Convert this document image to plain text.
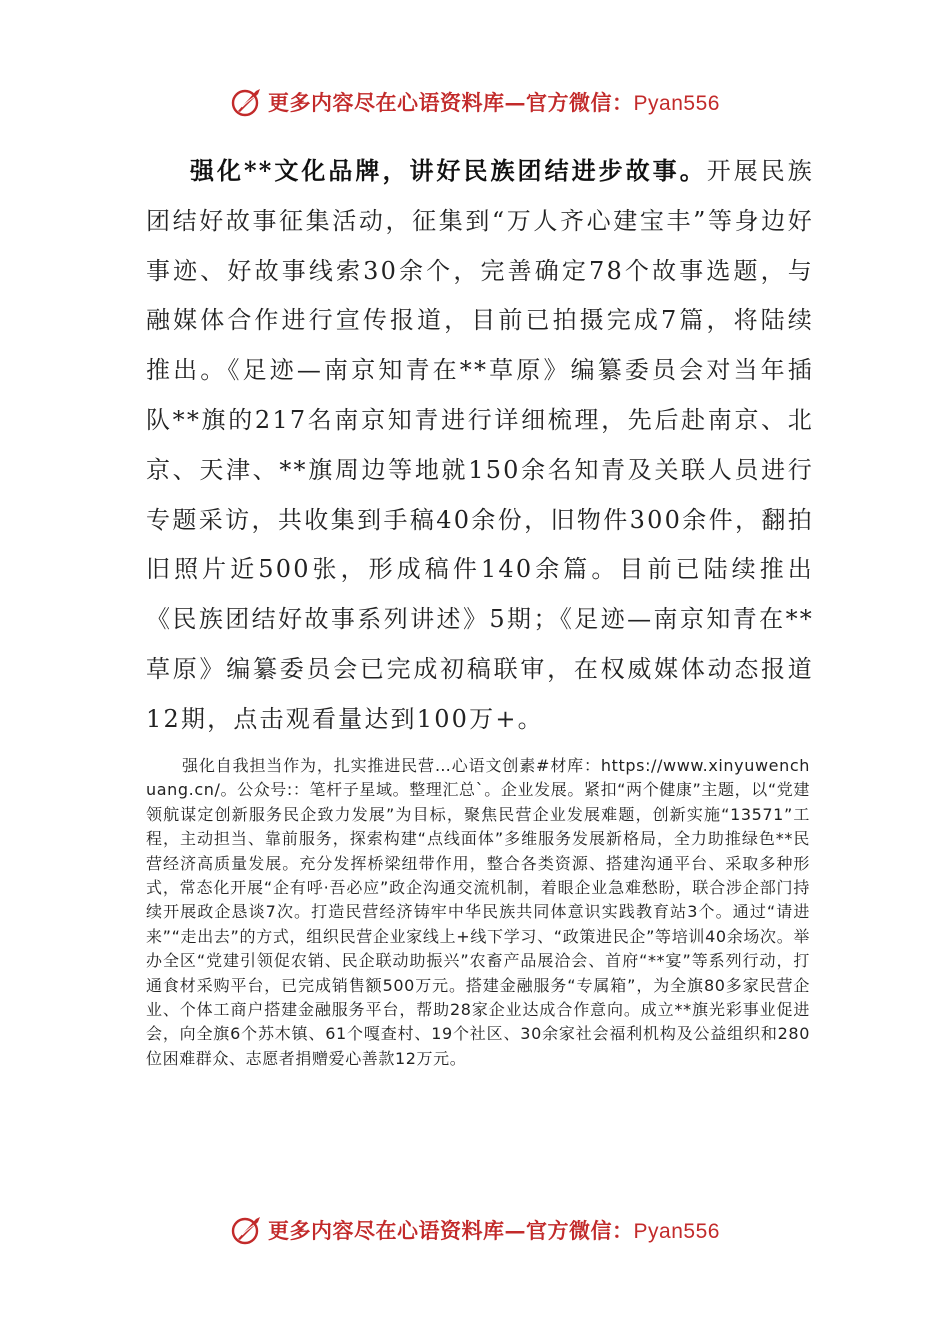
更多内容尽在心语资料库—官方微信：Pyan556

强化**文化品牌，讲好民族团结进步故事。开展民族团结好故事征集活动，征集到“万人齐心建宝丰”等身边好事迹、好故事线索30余个，完善确定78个故事选题，与融媒体合作进行宣传报道，目前已拍摄完成7篇，将陆续推出。《足迹—南京知青在**草原》编纂委员会对当年插队**旗的217名南京知青进行详细梳理，先后赴南京、北京、天津、**旗周边等地就150余名知青及关联人员进行专题采访，共收集到手稿40余份，旧物件300余件，翻拍旧照片近500张，形成稿件140余篇。目前已陆续推出《民族团结好故事系列讲述》5期；《足迹—南京知青在**草原》编纂委员会已完成初稿联审，在权威媒体动态报道12期，点击观看量达到100万+。

强化自我担当作为，扎实推进民营…心语文创素#材库：https://www.xinyuwenchuang.cn/。公众号:：笔杆子星域。整理汇总`。企业发展。紧扣“两个健康”主题，以“党建领航谋定创新服务民企致力发展”为目标，聚焦民营企业发展难题，创新实施“13571”工程，主动担当、靠前服务，探索构建“点线面体”多维服务发展新格局，全力助推绿色**民营经济高质量发展。充分发挥桥梁纽带作用，整合各类资源、搭建沟通平台、采取多种形式，常态化开展“企有呼·吾必应”政企沟通交流机制，着眼企业急难愁盼，联合涉企部门持续开展政企恳谈7次。打造民营经济铸牢中华民族共同体意识实践教育站3个。通过“请进来”“走出去”的方式，组织民营企业家线上+线下学习、“政策进民企”等培训40余场次。举办全区“党建引领促农销、民企联动助振兴”农畜产品展洽会、首府“**宴”等系列行动，打通食材采购平台，已完成销售额500万元。搭建金融服务“专属箱”，为全旗80多家民营企业、个体工商户搭建金融服务平台，帮助28家企业达成合作意向。成立**旗光彩事业促进会，向全旗6个苏木镇、61个嘎查村、19个社区、30余家社会福利机构及公益组织和280位困难群众、志愿者捐赠爱心善款12万元。

更多内容尽在心语资料库—官方微信：Pyan556
